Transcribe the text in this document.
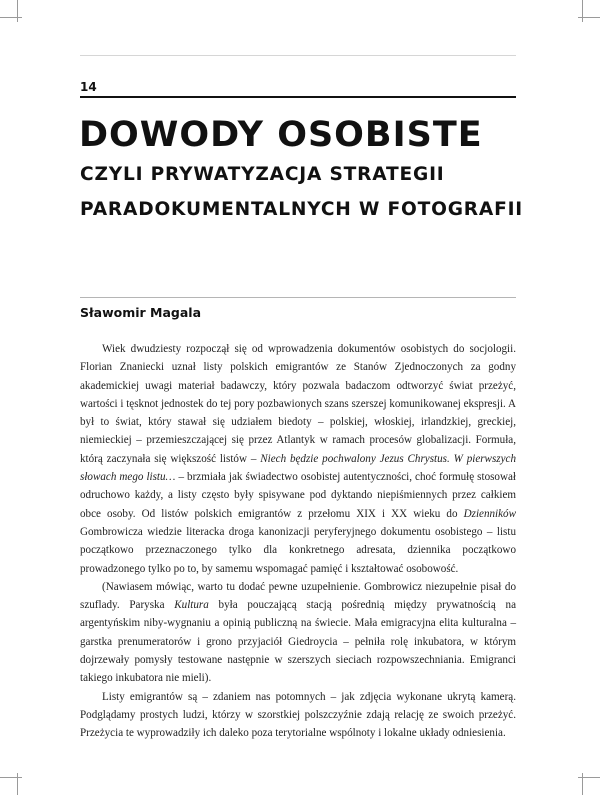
14
DOWODY OSOBISTE
CZYLI PRYWATYZACJA STRATEGII
PARADOKUMENTALNYCH W FOTOGRAFII
Sławomir Magala

Wiek dwudziesty rozpoczął się od wprowadzenia dokumentów osobistych do socjologii. Florian Znaniecki uznał listy polskich emigrantów ze Stanów Zjednoczonych za godny akademickiej uwagi materiał badawczy, który pozwala badaczom odtworzyć świat przeżyć, wartości i tęsknot jednostek do tej pory pozbawionych szans szerszej komunikowanej ekspresji. A był to świat, który stawał się udziałem biedoty – polskiej, włoskiej, irlandzkiej, greckiej, niemieckiej – przemieszczającej się przez Atlantyk w ramach procesów globalizacji. Formuła, którą zaczynała się większość listów – Niech będzie pochwalony Jezus Chrystus. W pierwszych słowach mego listu… – brzmiała jak świadectwo osobistej autentyczności, choć formułę stosował odruchowo każdy, a listy często były spisywane pod dyktando niepiśmiennych przez całkiem obce osoby. Od listów polskich emigrantów z przełomu XIX i XX wieku do Dzienników Gombrowicza wiedzie literacka droga kanonizacji peryferyjnego dokumentu osobistego – listu początkowo przeznaczonego tylko dla konkretnego adresata, dziennika początkowo prowadzonego tylko po to, by samemu wspomagać pamięć i kształtować osobowość.

(Nawiasem mówiąc, warto tu dodać pewne uzupełnienie. Gombrowicz niezupełnie pisał do szuflady. Paryska Kultura była pouczającą stacją pośrednią między prywatnością na argentyńskim niby-wygnaniu a opinią publiczną na świecie. Mała emigracyjna elita kulturalna – garstka prenumeratorów i grono przyjaciół Giedroycia – pełniła rolę inkubatora, w którym dojrzewały pomysły testowane następnie w szerszych sieciach rozpowszechniania. Emigranci takiego inkubatora nie mieli).

Listy emigrantów są – zdaniem nas potomnych – jak zdjęcia wykonane ukrytą kamerą. Podglądamy prostych ludzi, którzy w szorstkiej polszczyźnie zdają relację ze swoich przeżyć. Przeżycia te wyprowadziły ich daleko poza terytorialne wspólnoty i lokalne układy odniesienia.
